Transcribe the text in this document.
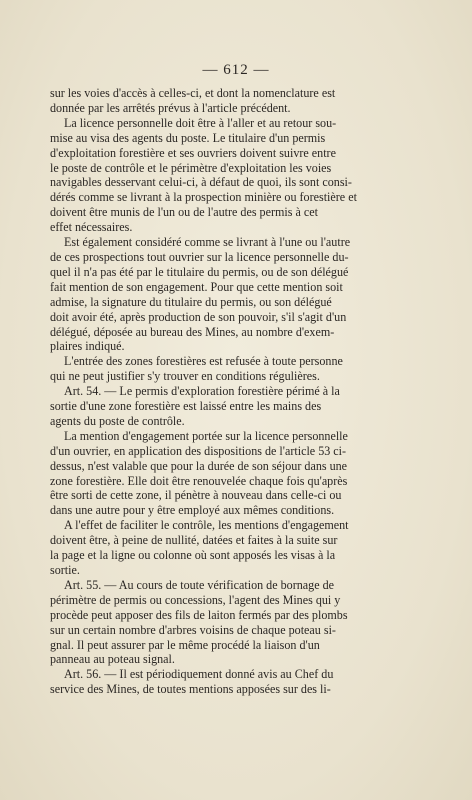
— 612 —

sur les voies d'accès à celles-ci, et dont la nomenclature est
donnée par les arrêtés prévus à l'article précédent.

La licence personnelle doit être à l'aller et au retour sou-
mise au visa des agents du poste. Le titulaire d'un permis
d'exploitation forestière et ses ouvriers doivent suivre entre
le poste de contrôle et le périmètre d'exploitation les voies
navigables desservant celui-ci, à défaut de quoi, ils sont consi-
dérés comme se livrant à la prospection minière ou forestière et
doivent être munis de l'un ou de l'autre des permis à cet
effet nécessaires.

Est également considéré comme se livrant à l'une ou l'autre
de ces prospections tout ouvrier sur la licence personnelle du-
quel il n'a pas été par le titulaire du permis, ou de son délégué
fait mention de son engagement. Pour que cette mention soit
admise, la signature du titulaire du permis, ou son délégué
doit avoir été, après production de son pouvoir, s'il s'agit d'un
délégué, déposée au bureau des Mines, au nombre d'exem-
plaires indiqué.

L'entrée des zones forestières est refusée à toute personne
qui ne peut justifier s'y trouver en conditions régulières.

Art. 54. — Le permis d'exploration forestière périmé à la
sortie d'une zone forestière est laissé entre les mains des
agents du poste de contrôle.

La mention d'engagement portée sur la licence personnelle
d'un ouvrier, en application des dispositions de l'article 53 ci-
dessus, n'est valable que pour la durée de son séjour dans une
zone forestière. Elle doit être renouvelée chaque fois qu'après
être sorti de cette zone, il pénètre à nouveau dans celle-ci ou
dans une autre pour y être employé aux mêmes conditions.

A l'effet de faciliter le contrôle, les mentions d'engagement
doivent être, à peine de nullité, datées et faites à la suite sur
la page et la ligne ou colonne où sont apposés les visas à la
sortie.

Art. 55. — Au cours de toute vérification de bornage de
périmètre de permis ou concessions, l'agent des Mines qui y
procède peut apposer des fils de laiton fermés par des plombs
sur un certain nombre d'arbres voisins de chaque poteau si-
gnal. Il peut assurer par le même procédé la liaison d'un
panneau au poteau signal.

Art. 56. — Il est périodiquement donné avis au Chef du
service des Mines, de toutes mentions apposées sur des li-
